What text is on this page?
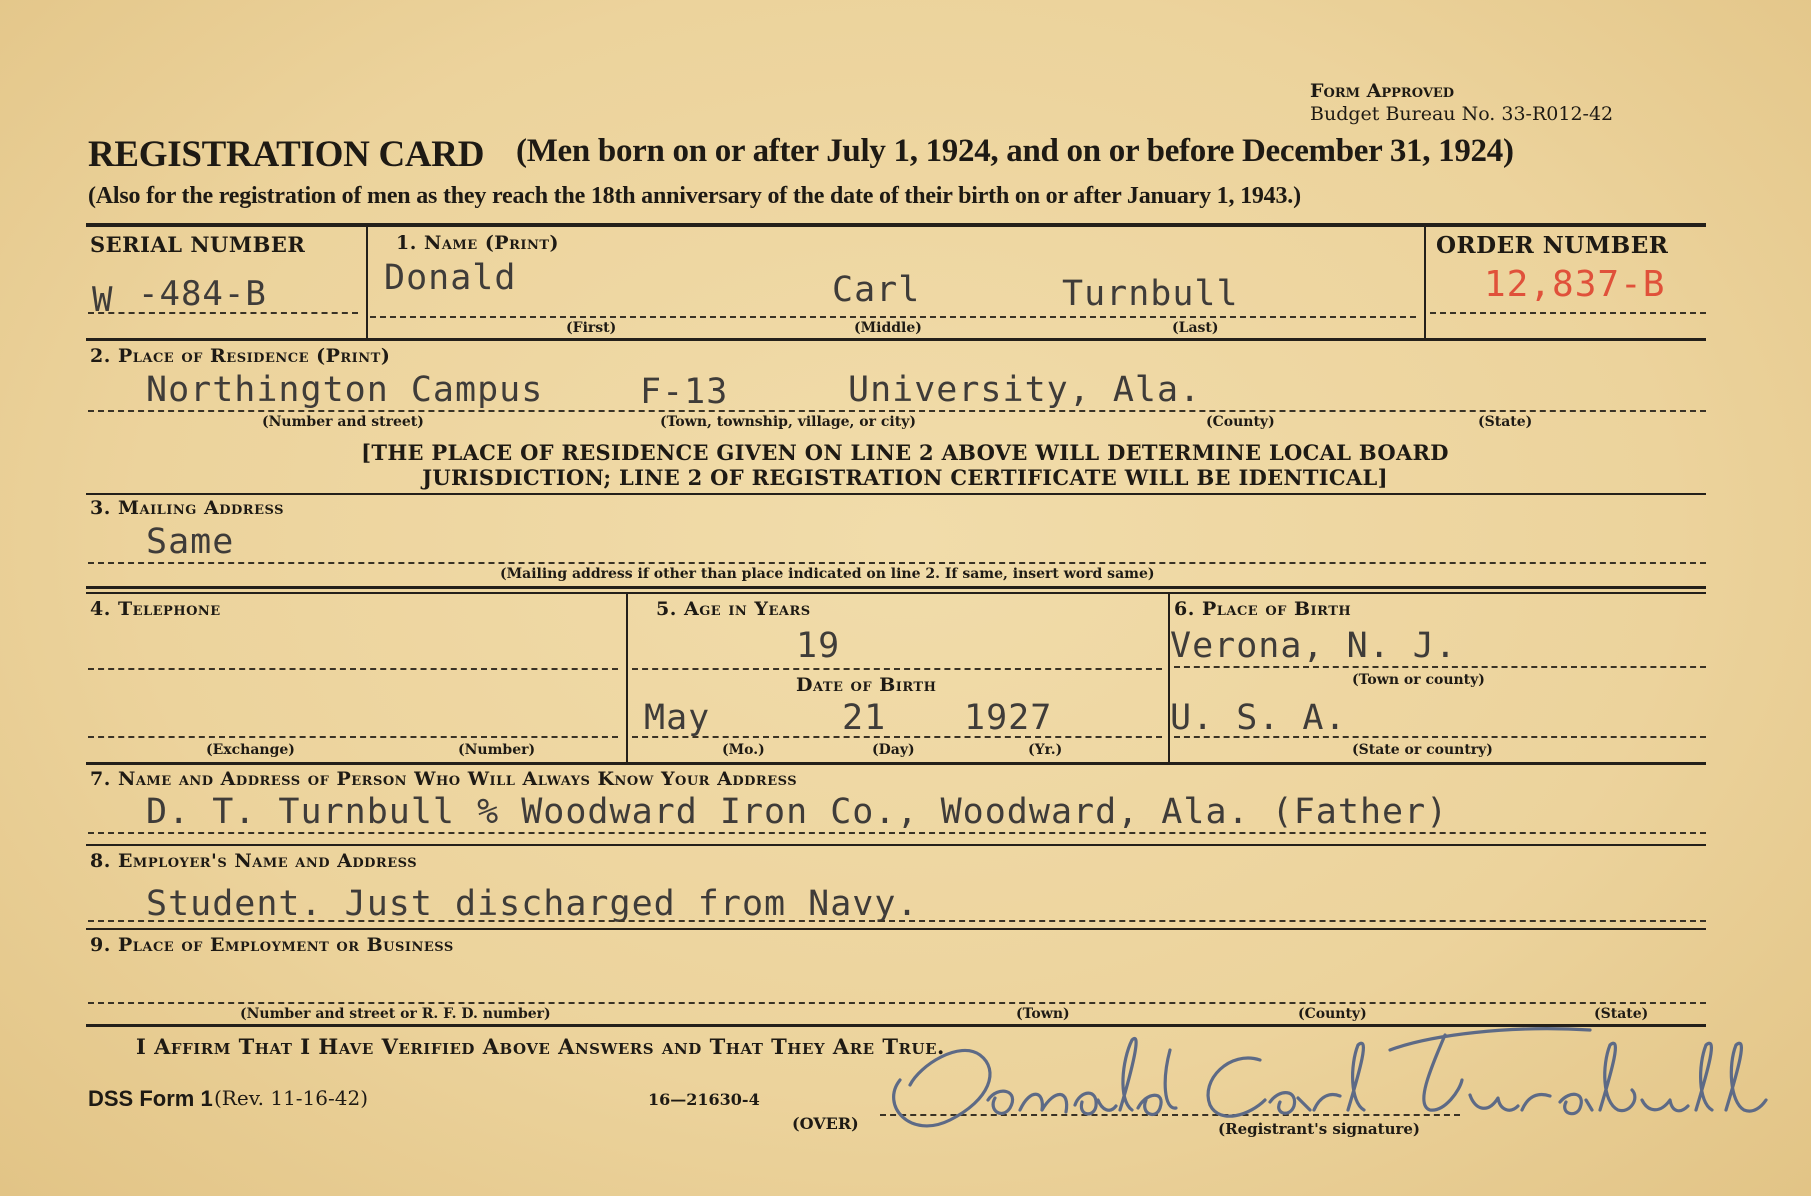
Form Approved
Budget Bureau No. 33-R012-42
REGISTRATION CARD (Men born on or after July 1, 1924, and on or before December 31, 1924)
(Also for the registration of men as they reach the 18th anniversary of the date of their birth on or after January 1, 1943.)
SERIAL NUMBER
W -484-B
1. Name (Print)
Donald	Carl	Turnbull
(First)	(Middle)	(Last)
ORDER NUMBER
12,837-B
2. Place of Residence (Print)
Northington Campus	F-13	University, Ala.
(Number and street)	(Town, township, village, or city)	(County)	(State)
[THE PLACE OF RESIDENCE GIVEN ON LINE 2 ABOVE WILL DETERMINE LOCAL BOARD
JURISDICTION; LINE 2 OF REGISTRATION CERTIFICATE WILL BE IDENTICAL]
3. Mailing Address
Same
(Mailing address if other than place indicated on line 2. If same, insert word same)
4. Telephone
(Exchange)	(Number)
5. Age in Years
19
Date of Birth
May	21 1927
(Mo.)	(Day)	(Yr.)
6. Place of Birth
Verona, N. J.
(Town or county)
U. S. A.
(State or country)
7. Name and Address of Person Who Will Always Know Your Address
D. T. Turnbull % Woodward Iron Co., Woodward, Ala. (Father)
8. Employer's Name and Address
Student. Just discharged from Navy.
9. Place of Employment or Business
(Number and street or R. F. D. number)	(Town)	(County)	(State)
I Affirm That I Have Verified Above Answers and That They Are True.
DSS Form 1 (Rev. 11-16-42)	16—21630-4
(OVER)	(Registrant's signature)
